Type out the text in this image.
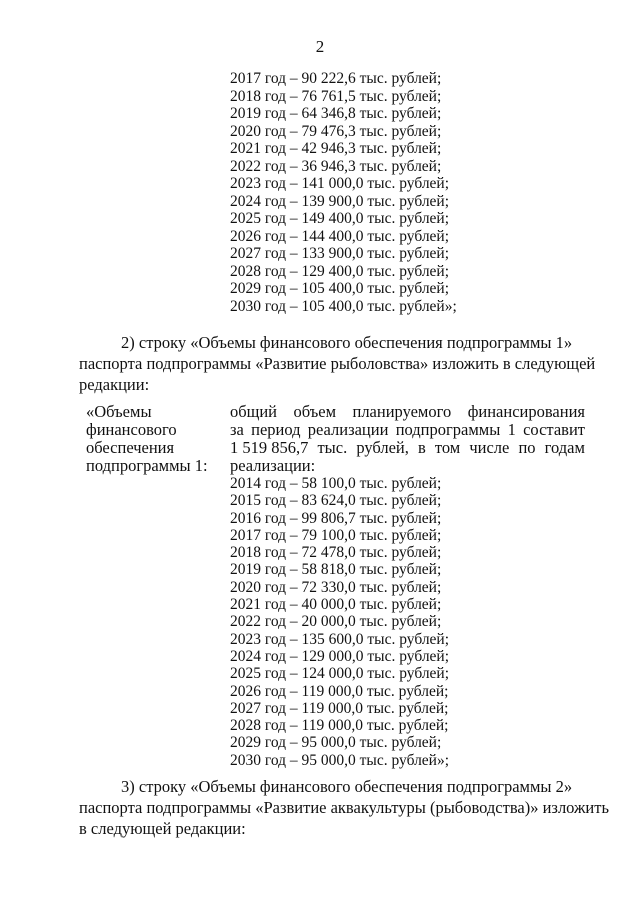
2
2017 год – 90 222,6 тыс. рублей;
2018 год – 76 761,5 тыс. рублей;
2019 год – 64 346,8 тыс. рублей;
2020 год – 79 476,3 тыс. рублей;
2021 год – 42 946,3 тыс. рублей;
2022 год – 36 946,3 тыс. рублей;
2023 год – 141 000,0 тыс. рублей;
2024 год – 139 900,0 тыс. рублей;
2025 год – 149 400,0 тыс. рублей;
2026 год – 144 400,0 тыс. рублей;
2027 год – 133 900,0 тыс. рублей;
2028 год – 129 400,0 тыс. рублей;
2029 год – 105 400,0 тыс. рублей;
2030 год – 105 400,0 тыс. рублей»;
2) строку «Объемы финансового обеспечения подпрограммы 1»
паспорта подпрограммы «Развитие рыболовства» изложить в следующей
редакции:
«Объемы
финансового
обеспечения
подпрограммы 1:
общий объем планируемого финансирования
за период реализации подпрограммы 1 составит
1 519 856,7 тыс. рублей, в том числе по годам
реализации:
2014 год – 58 100,0 тыс. рублей;
2015 год – 83 624,0 тыс. рублей;
2016 год – 99 806,7 тыс. рублей;
2017 год – 79 100,0 тыс. рублей;
2018 год – 72 478,0 тыс. рублей;
2019 год – 58 818,0 тыс. рублей;
2020 год – 72 330,0 тыс. рублей;
2021 год – 40 000,0 тыс. рублей;
2022 год – 20 000,0 тыс. рублей;
2023 год – 135 600,0 тыс. рублей;
2024 год – 129 000,0 тыс. рублей;
2025 год – 124 000,0 тыс. рублей;
2026 год – 119 000,0 тыс. рублей;
2027 год – 119 000,0 тыс. рублей;
2028 год – 119 000,0 тыс. рублей;
2029 год – 95 000,0 тыс. рублей;
2030 год – 95 000,0 тыс. рублей»;
3) строку «Объемы финансового обеспечения подпрограммы 2»
паспорта подпрограммы «Развитие аквакультуры (рыбоводства)» изложить
в следующей редакции:
